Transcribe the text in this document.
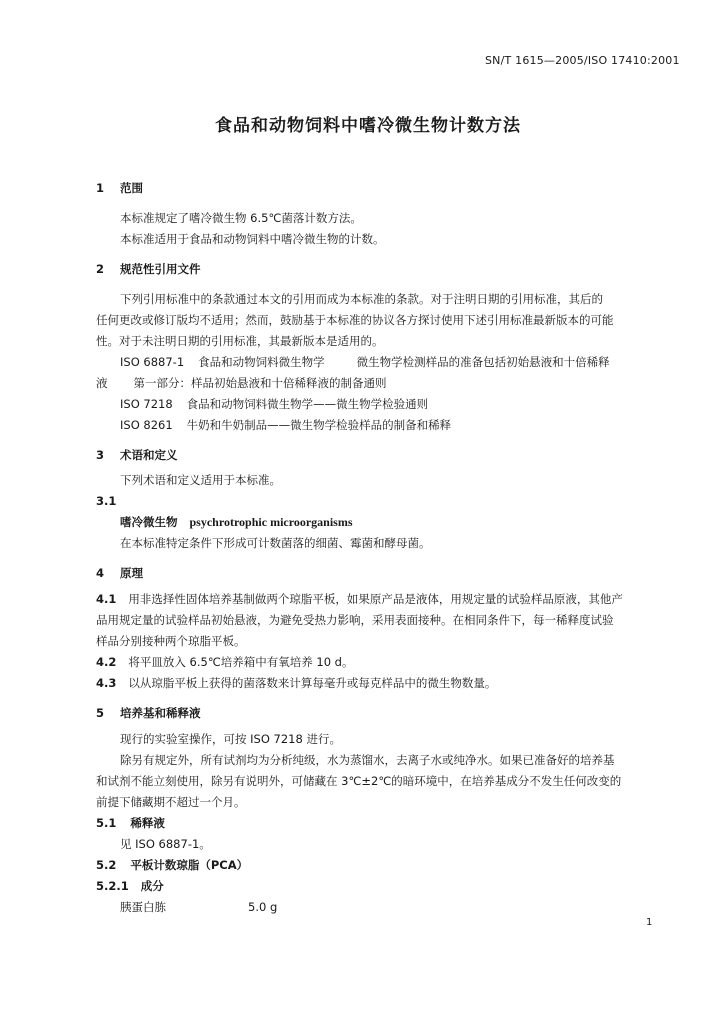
SN/T 1615—2005/ISO 17410:2001
食品和动物饲料中嗜冷微生物计数方法
1 范围
本标准规定了嗜冷微生物 6.5℃菌落计数方法。
本标准适用于食品和动物饲料中嗜冷微生物的计数。
2 规范性引用文件
下列引用标准中的条款通过本文的引用而成为本标准的条款。对于注明日期的引用标准，其后的
任何更改或修订版均不适用；然而，鼓励基于本标准的协议各方探讨使用下述引用标准最新版本的可能
性。对于未注明日期的引用标准，其最新版本是适用的。
ISO 6887-1 食品和动物饲料微生物学	微生物学检测样品的准备包括初始悬液和十倍稀释
液 第一部分：样品初始悬液和十倍稀释液的制备通则
ISO 7218 食品和动物饲料微生物学——微生物学检验通则
ISO 8261 牛奶和牛奶制品——微生物学检验样品的制备和稀释
3 术语和定义
下列术语和定义适用于本标准。
3.1
嗜冷微生物 psychrotrophic microorganisms
在本标准特定条件下形成可计数菌落的细菌、霉菌和酵母菌。
4 原理
4.1 用非选择性固体培养基制做两个琼脂平板，如果原产品是液体，用规定量的试验样品原液，其他产
品用规定量的试验样品初始悬液，为避免受热力影响，采用表面接种。在相同条件下，每一稀释度试验
样品分别接种两个琼脂平板。
4.2 将平皿放入 6.5℃培养箱中有氧培养 10 d。
4.3 以从琼脂平板上获得的菌落数来计算每毫升或每克样品中的微生物数量。
5 培养基和稀释液
现行的实验室操作，可按 ISO 7218 进行。
除另有规定外，所有试剂均为分析纯级，水为蒸馏水，去离子水或纯净水。如果已准备好的培养基
和试剂不能立刻使用，除另有说明外，可储藏在 3℃±2℃的暗环境中，在培养基成分不发生任何改变的
前提下储藏期不超过一个月。
5.1 稀释液
见 ISO 6887-1。
5.2 平板计数琼脂（PCA）
5.2.1 成分
胰蛋白胨	5.0 g
1
